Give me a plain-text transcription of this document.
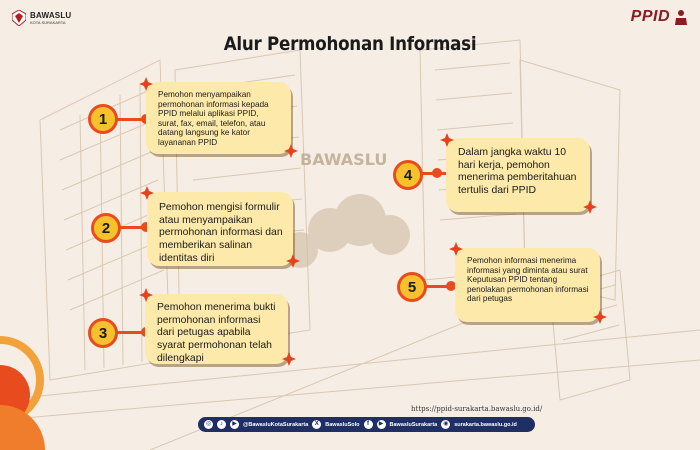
BAWASLU
BAWASLU
KOTA SURAKARTA	PPID
Alur Permohonan Informasi
1
Pemohon menyampaikan permohonan informasi kepada PPID melalui aplikasi PPID, surat, fax, email, telefon, atau datang langsung ke kator layananan PPID
2
Pemohon mengisi formulir atau menyampaikan permohonan informasi dan memberikan salinan identitas diri
3
Pemohon menerima bukti permohonan informasi dari petugas apabila syarat permohonan telah dilengkapi
4
Dalam jangka waktu 10 hari kerja, pemohon menerima pemberitahuan tertulis dari PPID
5
Pemohon informasi menerima informasi yang diminta atau surat Keputusan PPID tentang penolakan permohonan informasi dari petugas
https://ppid-surakarta.bawaslu.go.id/
◎	♪	▶	@BawasluKotaSurakarta	X	BawasluSolo	f	▶	BawasluSurakarta ◉	surakarta.bawaslu.go.id
